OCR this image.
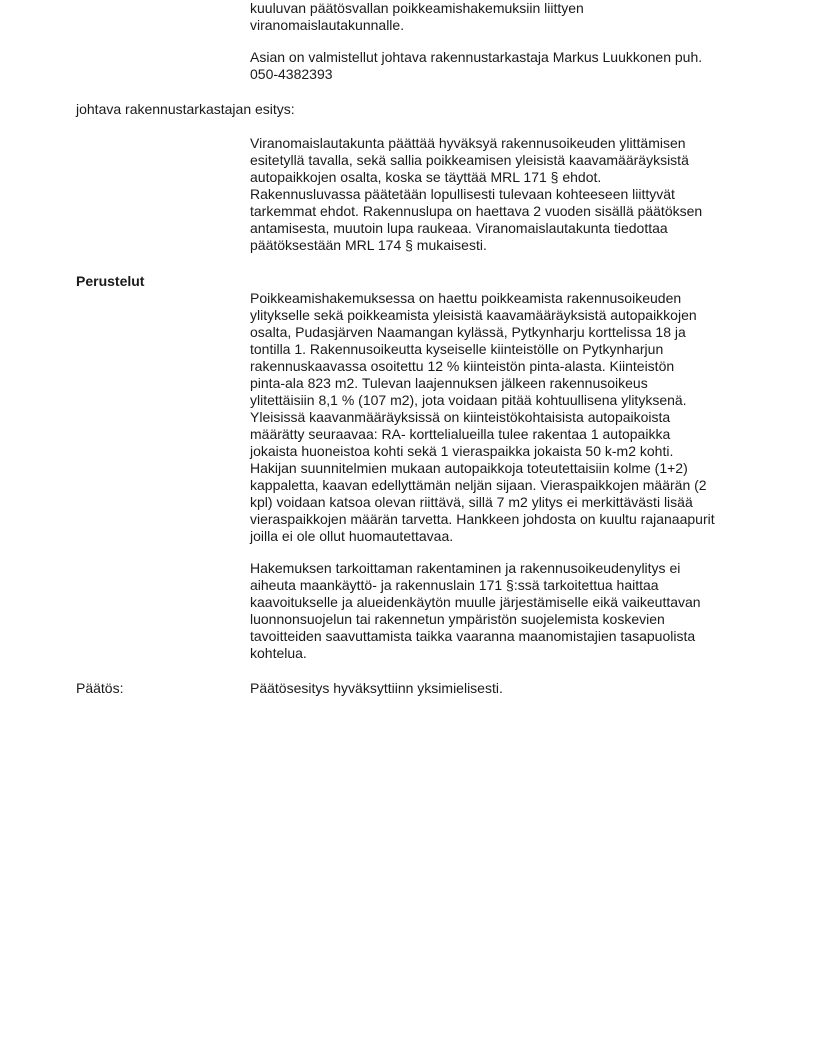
kuuluvan päätösvallan poikkeamishakemuksiin liittyen
viranomaislautakunnalle.

Asian on valmistellut johtava rakennustarkastaja Markus Luukkonen puh.
050-4382393

johtava rakennustarkastajan esitys:

Viranomaislautakunta päättää hyväksyä rakennusoikeuden ylittämisen
esitetyllä tavalla, sekä sallia poikkeamisen yleisistä kaavamääräyksistä
autopaikkojen osalta, koska se täyttää MRL 171 § ehdot.
Rakennusluvassa päätetään lopullisesti tulevaan kohteeseen liittyvät
tarkemmat ehdot. Rakennuslupa on haettava 2 vuoden sisällä päätöksen
antamisesta, muutoin lupa raukeaa. Viranomaislautakunta tiedottaa
päätöksestään MRL 174 § mukaisesti.

Perustelut

Poikkeamishakemuksessa on haettu poikkeamista rakennusoikeuden
ylitykselle sekä poikkeamista yleisistä kaavamääräyksistä autopaikkojen
osalta, Pudasjärven Naamangan kylässä, Pytkynharju korttelissa 18 ja
tontilla 1. Rakennusoikeutta kyseiselle kiinteistölle on Pytkynharjun
rakennuskaavassa osoitettu 12 % kiinteistön pinta-alasta. Kiinteistön
pinta-ala 823 m2. Tulevan laajennuksen jälkeen rakennusoikeus
ylitettäisiin 8,1 % (107 m2), jota voidaan pitää kohtuullisena ylityksenä.
Yleisissä kaavanmääräyksissä on kiinteistökohtaisista autopaikoista
määrätty seuraavaa: RA- korttelialueilla tulee rakentaa 1 autopaikka
jokaista huoneistoa kohti sekä 1 vieraspaikka jokaista 50 k-m2 kohti.
Hakijan suunnitelmien mukaan autopaikkoja toteutettaisiin kolme (1+2)
kappaletta, kaavan edellyttämän neljän sijaan. Vieraspaikkojen määrän (2
kpl) voidaan katsoa olevan riittävä, sillä 7 m2 ylitys ei merkittävästi lisää
vieraspaikkojen määrän tarvetta. Hankkeen johdosta on kuultu rajanaapurit
joilla ei ole ollut huomautettavaa.

Hakemuksen tarkoittaman rakentaminen ja rakennusoikeudenylitys ei
aiheuta maankäyttö- ja rakennuslain 171 §:ssä tarkoitettua haittaa
kaavoitukselle ja alueidenkäytön muulle järjestämiselle eikä vaikeuttavan
luonnonsuojelun tai rakennetun ympäristön suojelemista koskevien
tavoitteiden saavuttamista taikka vaaranna maanomistajien tasapuolista
kohtelua.

Päätös:	Päätösesitys hyväksyttiinn yksimielisesti.
